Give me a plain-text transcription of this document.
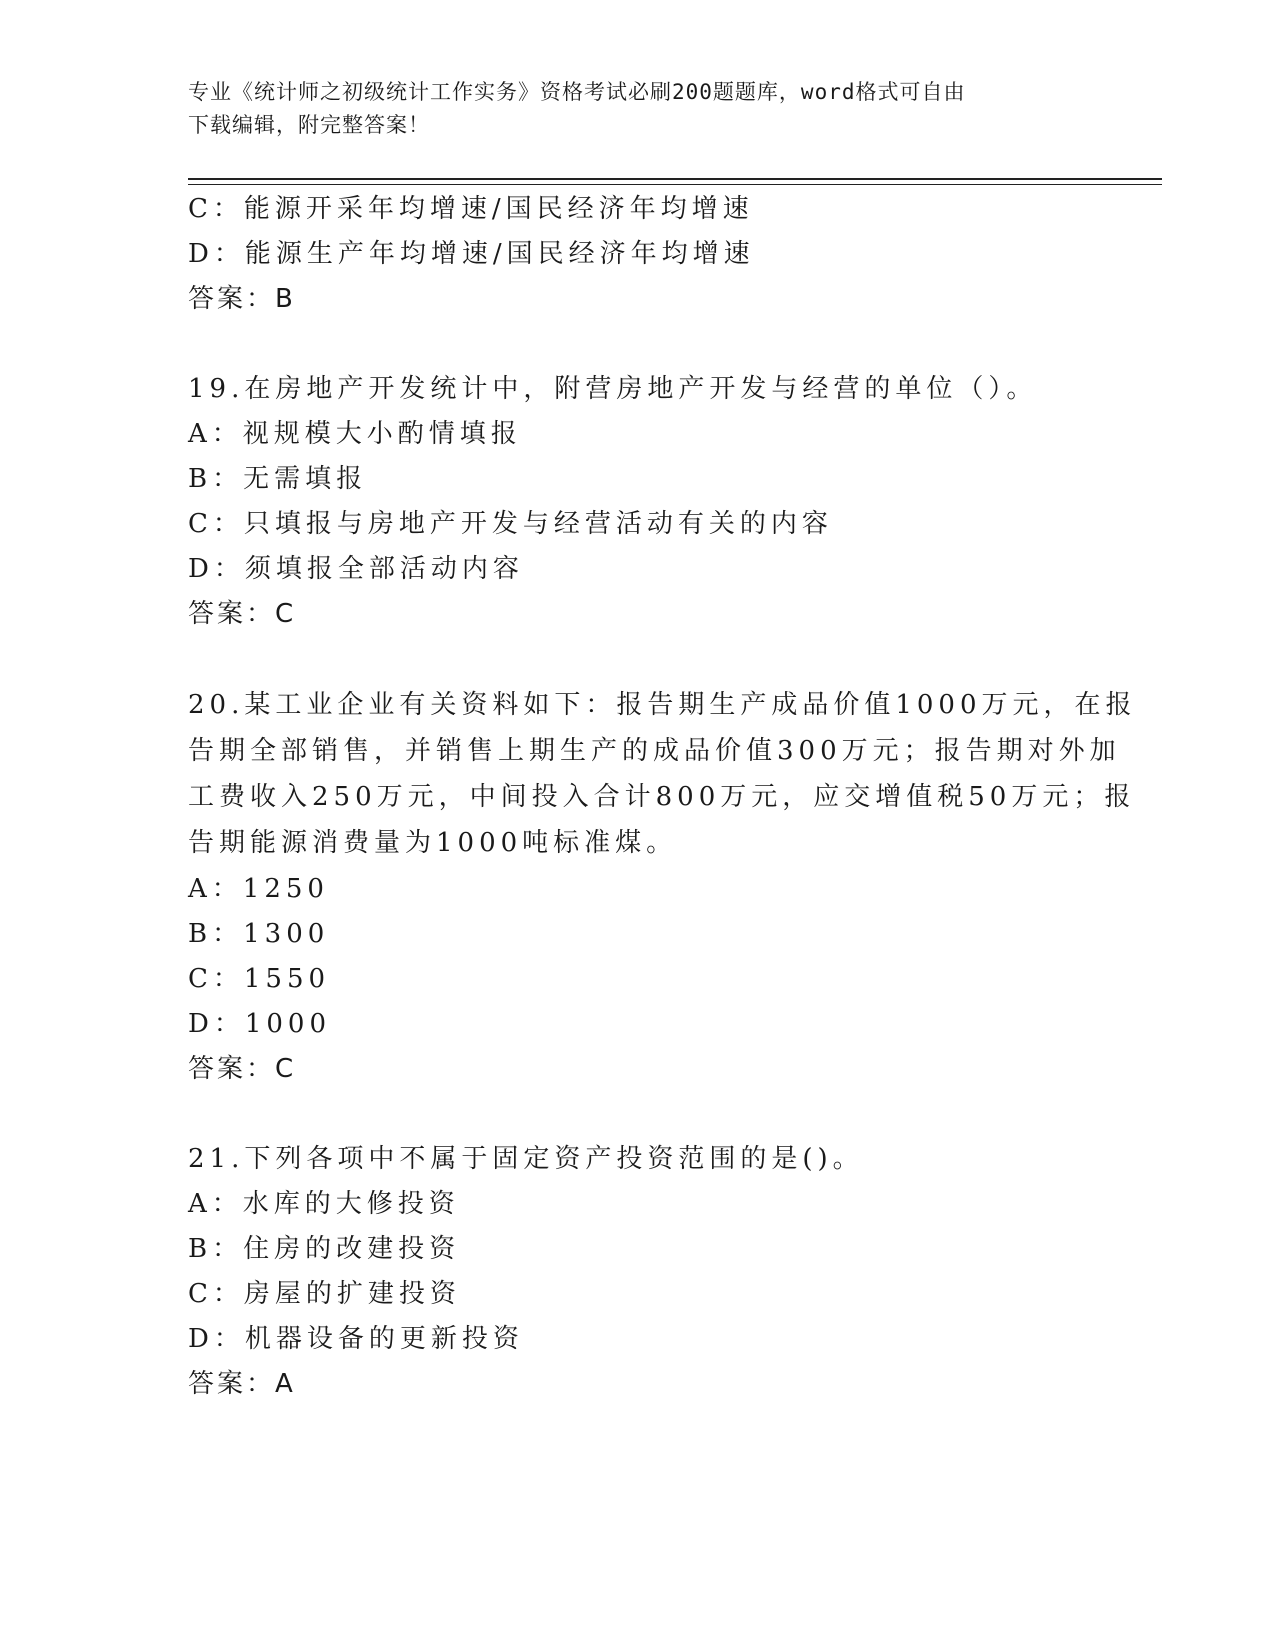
专业《统计师之初级统计工作实务》资格考试必刷200题题库，word格式可自由
下载编辑，附完整答案！
C：能源开采年均增速/国民经济年均增速
D：能源生产年均增速/国民经济年均增速
答案：B
19.在房地产开发统计中，附营房地产开发与经营的单位（）。
A：视规模大小酌情填报
B：无需填报
C：只填报与房地产开发与经营活动有关的内容
D：须填报全部活动内容
答案：C
20.某工业企业有关资料如下：报告期生产成品价值1000万元，在报
告期全部销售，并销售上期生产的成品价值300万元；报告期对外加
工费收入250万元，中间投入合计800万元，应交增值税50万元；报
告期能源消费量为1000吨标准煤。
A：1250
B：1300
C：1550
D：1000
答案：C
21.下列各项中不属于固定资产投资范围的是()。
A：水库的大修投资
B：住房的改建投资
C：房屋的扩建投资
D：机器设备的更新投资
答案：A
